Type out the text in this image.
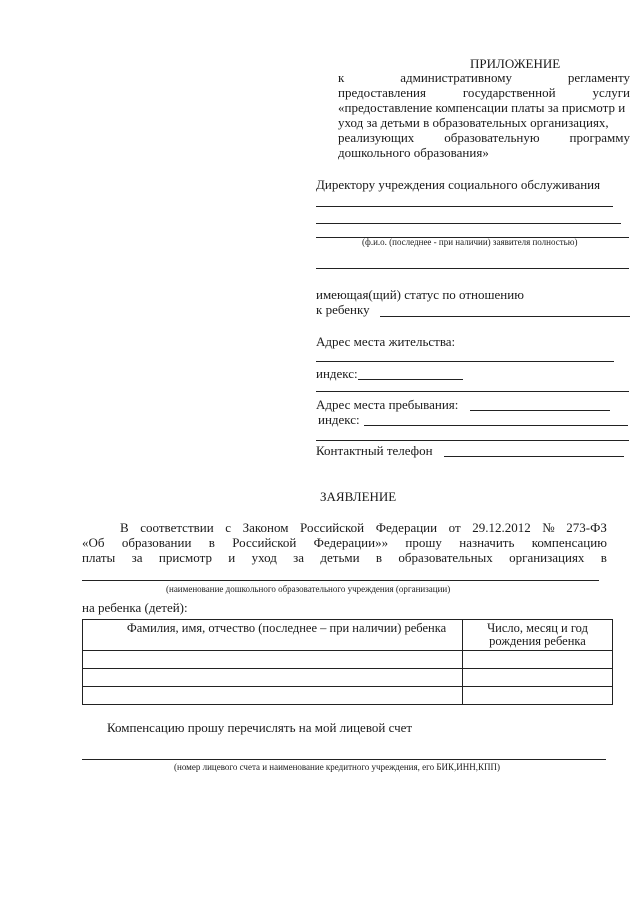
ПРИЛОЖЕНИЕ
к	административному	регламенту
предоставления	государственной	услуги
«предоставление компенсации платы за присмотр и
уход за детьми в образовательных организациях,
реализующих образовательную программу
дошкольного образования»
Директору учреждения социального обслуживания
(ф.и.о. (последнее - при наличии) заявителя полностью)
имеющая(щий) статус по отношению
к ребенку
Адрес места жительства:
индекс:
Адрес места пребывания:
индекс:
Контактный телефон
ЗАЯВЛЕНИЕ
В соответствии с Законом Российской Федерации от 29.12.2012 № 273-ФЗ
«Об образовании в Российской Федерации»» прошу назначить компенсацию
платы за присмотр и уход за детьми в образовательных организациях в
(наименование дошкольного образовательного учреждения (организации)
на ребенка (детей):
Фамилия, имя, отчество (последнее – при наличии) ребенка	Число, месяц и год рождения ребенка

Компенсацию прошу перечислять на мой лицевой счет
(номер лицевого счета и наименование кредитного учреждения, его БИК,ИНН,КПП)
